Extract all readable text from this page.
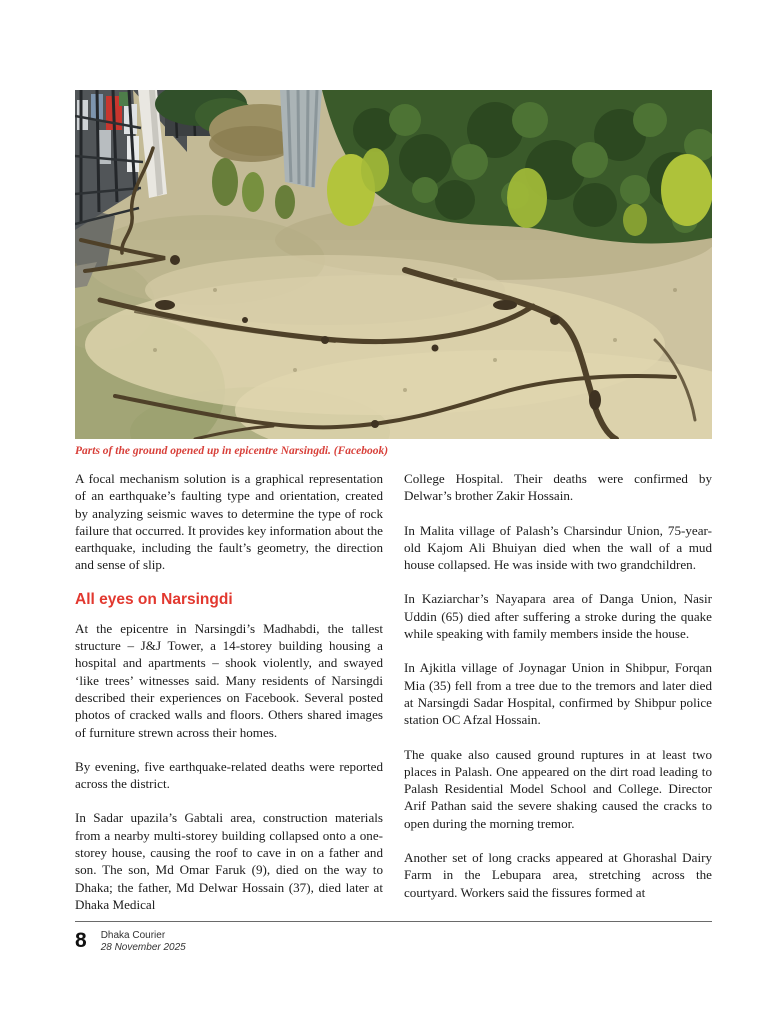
Parts of the ground opened up in epicentre Narsingdi. (Facebook)

A focal mechanism solution is a graphical representation of an earthquake’s faulting type and orientation, created by analyzing seismic waves to determine the type of rock failure that occurred. It provides key information about the earthquake, including the fault’s geometry, the direction and sense of slip.

All eyes on Narsingdi

At the epicentre in Narsingdi’s Madhabdi, the tallest structure – J&J Tower, a 14-storey building housing a hospital and apartments – shook violently, and swayed ‘like trees’ witnesses said. Many residents of Narsingdi described their experiences on Facebook. Several posted photos of cracked walls and floors. Others shared images of furniture strewn across their homes.

By evening, five earthquake-related deaths were reported across the district.

In Sadar upazila’s Gabtali area, construction materials from a nearby multi-storey building collapsed onto a one-storey house, causing the roof to cave in on a father and son. The son, Md Omar Faruk (9), died on the way to Dhaka; the father, Md Delwar Hossain (37), died later at Dhaka Medical

College Hospital. Their deaths were confirmed by Delwar’s brother Zakir Hossain.

In Malita village of Palash’s Charsindur Union, 75-year-old Kajom Ali Bhuiyan died when the wall of a mud house collapsed. He was inside with two grandchildren.

In Kaziarchar’s Nayapara area of Danga Union, Nasir Uddin (65) died after suffering a stroke during the quake while speaking with family members inside the house.

In Ajkitla village of Joynagar Union in Shibpur, Forqan Mia (35) fell from a tree due to the tremors and later died at Narsingdi Sadar Hospital, confirmed by Shibpur police station OC Afzal Hossain.

The quake also caused ground ruptures in at least two places in Palash. One appeared on the dirt road leading to Palash Residential Model School and College. Director Arif Pathan said the severe shaking caused the cracks to open during the morning tremor.

Another set of long cracks appeared at Ghorashal Dairy Farm in the Lebupara area, stretching across the courtyard. Workers said the fissures formed at

8 Dhaka Courier
28 November 2025
